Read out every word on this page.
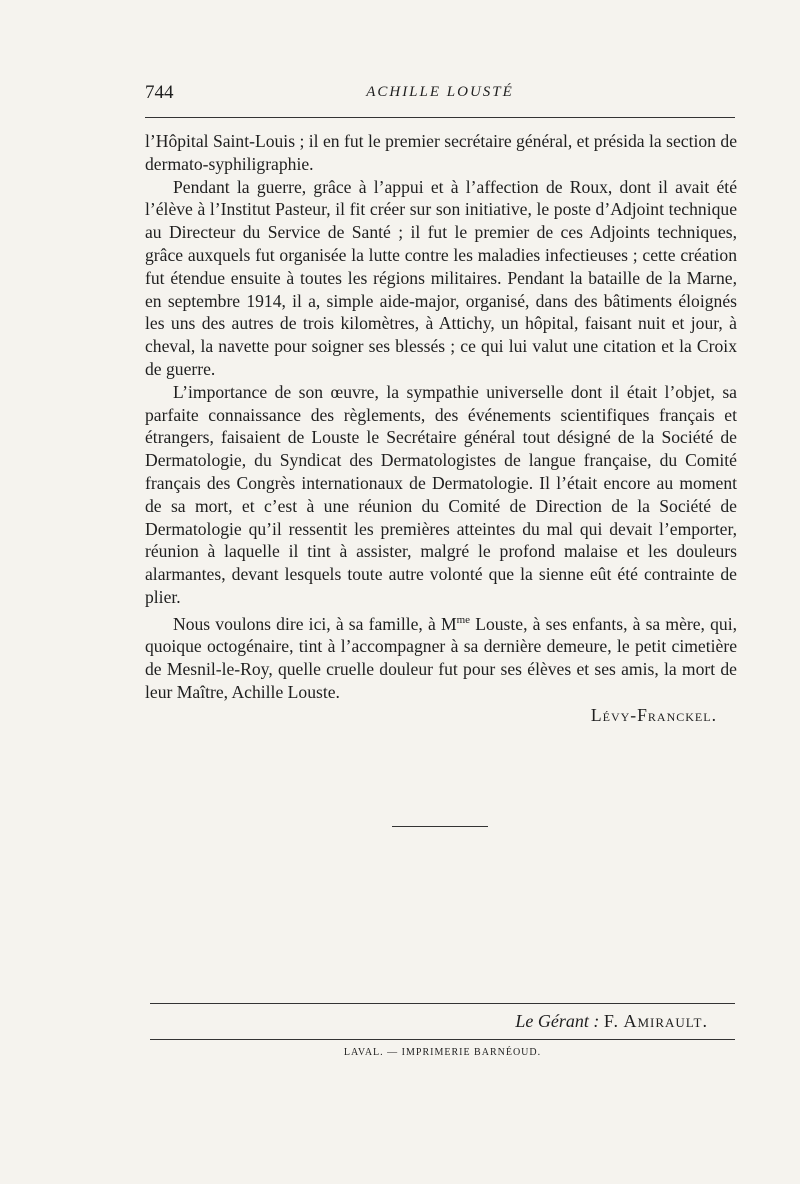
744	ACHILLE LOUSTÉ

l’Hôpital Saint-Louis ; il en fut le premier secrétaire général, et présida la section de dermato-syphiligraphie.

Pendant la guerre, grâce à l’appui et à l’affection de Roux, dont il avait été l’élève à l’Institut Pasteur, il fit créer sur son initiative, le poste d’Adjoint technique au Directeur du Service de Santé ; il fut le premier de ces Adjoints techniques, grâce auxquels fut organisée la lutte contre les maladies infectieuses ; cette création fut étendue ensuite à toutes les régions militaires. Pendant la bataille de la Marne, en septembre 1914, il a, simple aide-major, organisé, dans des bâtiments éloignés les uns des autres de trois kilomètres, à Attichy, un hôpital, faisant nuit et jour, à cheval, la navette pour soigner ses blessés ; ce qui lui valut une citation et la Croix de guerre.

L’importance de son œuvre, la sympathie universelle dont il était l’objet, sa parfaite connaissance des règlements, des événements scientifiques français et étrangers, faisaient de Louste le Secrétaire général tout désigné de la Société de Dermatologie, du Syndicat des Dermatologistes de langue française, du Comité français des Congrès internationaux de Dermatologie. Il l’était encore au moment de sa mort, et c’est à une réunion du Comité de Direction de la Société de Dermatologie qu’il ressentit les premières atteintes du mal qui devait l’emporter, réunion à laquelle il tint à assister, malgré le profond malaise et les douleurs alarmantes, devant lesquels toute autre volonté que la sienne eût été contrainte de plier.

Nous voulons dire ici, à sa famille, à $M^{me}$ Louste, à ses enfants, à sa mère, qui, quoique octogénaire, tint à l’accompagner à sa dernière demeure, le petit cimetière de Mesnil-le-Roy, quelle cruelle douleur fut pour ses élèves et ses amis, la mort de leur Maître, Achille Louste.

Lévy-Franckel.
Le Gérant : F. Amirault.
LAVAL. — IMPRIMERIE BARNÉOUD.
